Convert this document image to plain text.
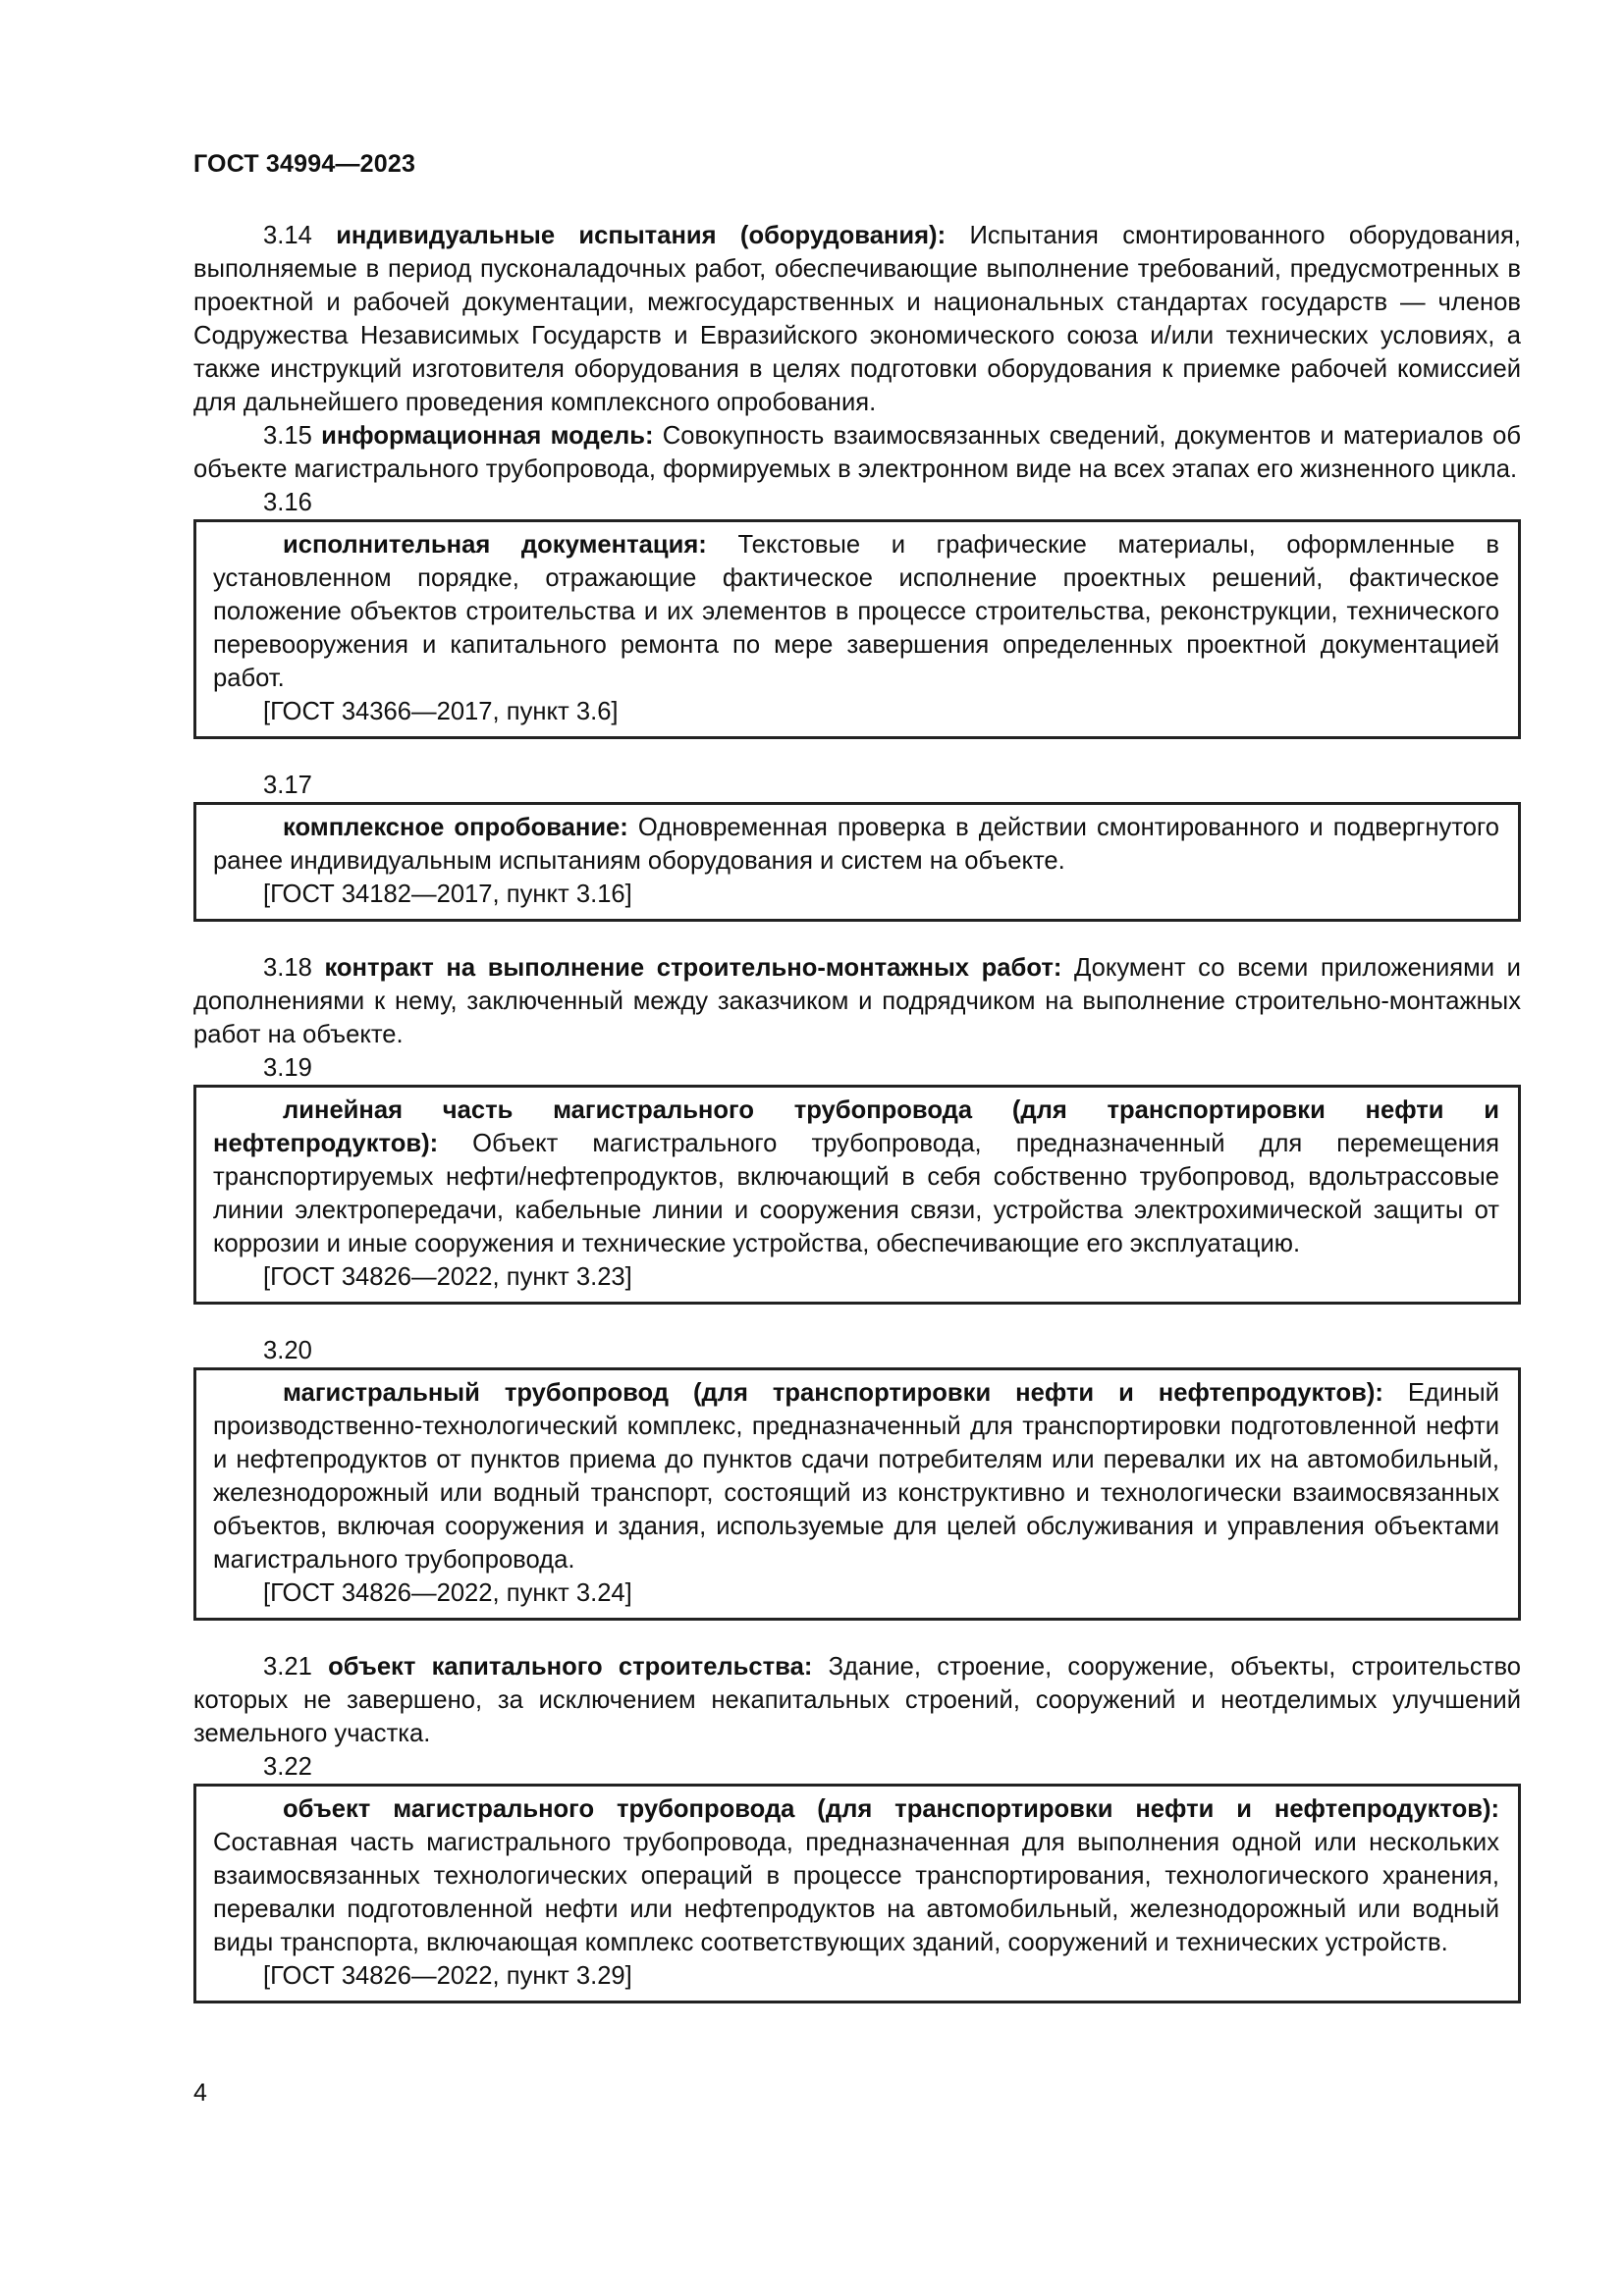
ГОСТ 34994—2023

3.14 индивидуальные испытания (оборудования): Испытания смонтированного оборудования, выполняемые в период пусконаладочных работ, обеспечивающие выполнение требований, предусмотренных в проектной и рабочей документации, межгосударственных и национальных стандартах государств — членов Содружества Независимых Государств и Евразийского экономического союза и/или технических условиях, а также инструкций изготовителя оборудования в целях подготовки оборудования к приемке рабочей комиссией для дальнейшего проведения комплексного опробования.

3.15 информационная модель: Совокупность взаимосвязанных сведений, документов и материалов об объекте магистрального трубопровода, формируемых в электронном виде на всех этапах его жизненного цикла.

3.16

исполнительная документация: Текстовые и графические материалы, оформленные в установленном порядке, отражающие фактическое исполнение проектных решений, фактическое положение объектов строительства и их элементов в процессе строительства, реконструкции, технического перевооружения и капитального ремонта по мере завершения определенных проектной документацией работ.

[ГОСТ 34366—2017, пункт 3.6]

3.17

комплексное опробование: Одновременная проверка в действии смонтированного и подвергнутого ранее индивидуальным испытаниям оборудования и систем на объекте.

[ГОСТ 34182—2017, пункт 3.16]

3.18 контракт на выполнение строительно-монтажных работ: Документ со всеми приложениями и дополнениями к нему, заключенный между заказчиком и подрядчиком на выполнение строительно-монтажных работ на объекте.

3.19

линейная часть магистрального трубопровода (для транспортировки нефти и нефтепродуктов): Объект магистрального трубопровода, предназначенный для перемещения транспортируемых нефти/нефтепродуктов, включающий в себя собственно трубопровод, вдольтрассовые линии электропередачи, кабельные линии и сооружения связи, устройства электрохимической защиты от коррозии и иные сооружения и технические устройства, обеспечивающие его эксплуатацию.

[ГОСТ 34826—2022, пункт 3.23]

3.20

магистральный трубопровод (для транспортировки нефти и нефтепродуктов): Единый производственно-технологический комплекс, предназначенный для транспортировки подготовленной нефти и нефтепродуктов от пунктов приема до пунктов сдачи потребителям или перевалки их на автомобильный, железнодорожный или водный транспорт, состоящий из конструктивно и технологически взаимосвязанных объектов, включая сооружения и здания, используемые для целей обслуживания и управления объектами магистрального трубопровода.

[ГОСТ 34826—2022, пункт 3.24]

3.21 объект капитального строительства: Здание, строение, сооружение, объекты, строительство которых не завершено, за исключением некапитальных строений, сооружений и неотделимых улучшений земельного участка.

3.22

объект магистрального трубопровода (для транспортировки нефти и нефтепродуктов): Составная часть магистрального трубопровода, предназначенная для выполнения одной или нескольких взаимосвязанных технологических операций в процессе транспортирования, технологического хранения, перевалки подготовленной нефти или нефтепродуктов на автомобильный, железнодорожный или водный виды транспорта, включающая комплекс соответствующих зданий, сооружений и технических устройств.

[ГОСТ 34826—2022, пункт 3.29]

4
